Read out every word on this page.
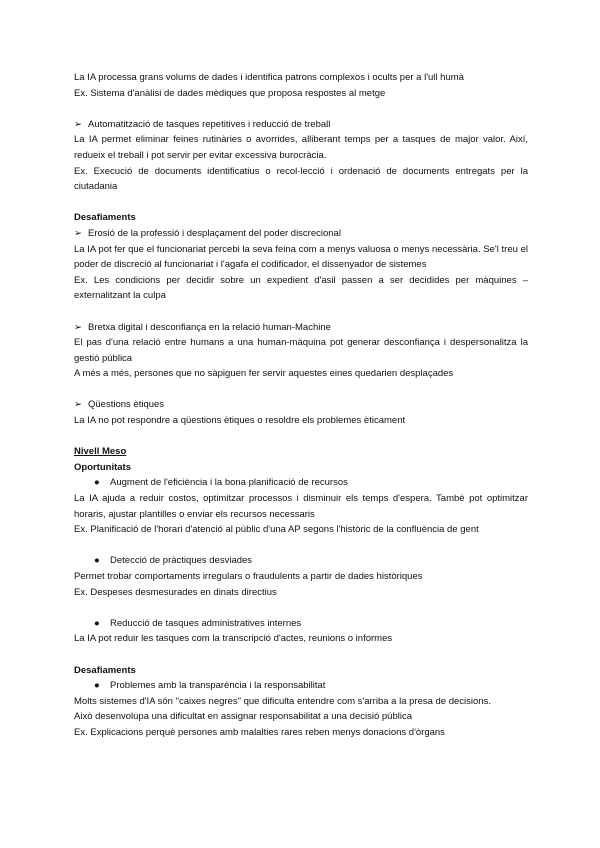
La IA processa grans volums de dades i identifica patrons complexos i ocults per a l'ull humà

Ex. Sistema d'anàlisi de dades mèdiques que proposa respostes al metge

➢ Automatització de tasques repetitives i reducció de treball

La IA permet eliminar feines rutinàries o avorrides, alliberant temps per a tasques de major valor. Així, redueix el treball i pot servir per evitar excessiva burocràcia.

Ex. Execució de documents identificatius o recol·lecció i ordenació de documents entregats per la ciutadania

Desafiaments

➢ Erosió de la professió i desplaçament del poder discrecional

La IA pot fer que el funcionariat percebi la seva feina com a menys valuosa o menys necessària. Se'l treu el poder de discreció al funcionariat i l'agafa el codificador, el dissenyador de sistemes

Ex. Les condicions per decidir sobre un expedient d'asil passen a ser decidides per màquines – externalitzant la culpa

➢ Bretxa digital i desconfiança en la relació human-Machine

El pas d'una relació entre humans a una human-màquina pot generar desconfiança i despersonalitza la gestió pública

A més a més, persones que no sàpiguen fer servir aquestes eines quedarien desplaçades

➢ Qüestions ètiques

La IA no pot respondre a qüestions ètiques o resoldre els problemes èticament

Nivell Meso

Oportunitats

●	Augment de l'eficiència i la bona planificació de recursos

La IA ajuda a reduir costos, optimitzar processos i disminuir els temps d'espera. També pot optimitzar horaris, ajustar plantilles o enviar els recursos necessaris

Ex. Planificació de l'horari d'atenció al públic d'una AP segons l'històric de la confluència de gent

●	Detecció de pràctiques desviades

Permet trobar comportaments irregulars o fraudulents a partir de dades històriques

Ex. Despeses desmesurades en dinats directius

●	Reducció de tasques administratives internes

La IA pot reduir les tasques com la transcripció d'actes, reunions o informes

Desafiaments

●	Problemes amb la transparència i la responsabilitat

Molts sistemes d'IA són "caixes negres" que dificulta entendre com s'arriba a la presa de decisions.

Això desenvolupa una dificultat en assignar responsabilitat a una decisió pública

Ex. Explicacions perquè persones amb malalties rares reben menys donacions d'òrgans
